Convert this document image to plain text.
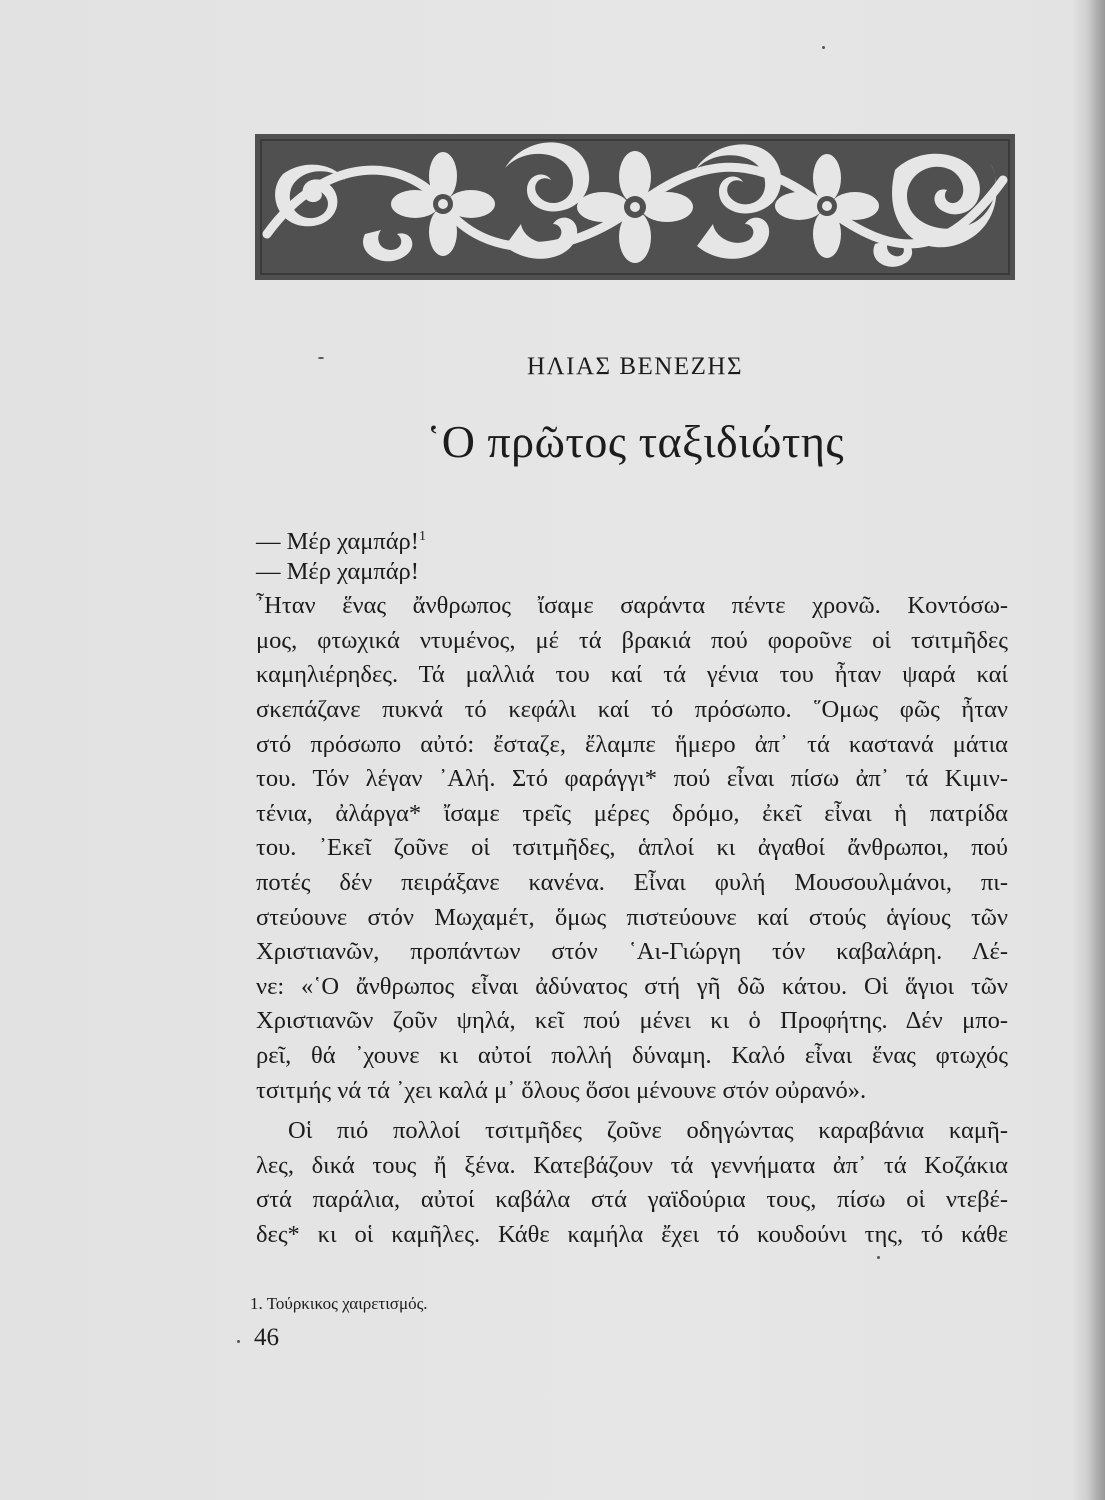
ΗΛΙΑΣ ΒΕΝΕΖΗΣ
῾Ο πρῶτος ταξιδιώτης
— Μέρ χαμπάρ!$^1$
— Μέρ χαμπάρ!
῏Ηταν ἕνας ἄνθρωπος ἴσαμε σαράντα πέντε χρονῶ. Κοντόσω-
μος, φτωχικά ντυμένος, μέ τά βρακιά πού φοροῦνε οἱ τσιτμῆδες
καμηλιέρηδες. Τά μαλλιά του καί τά γένια του ἦταν ψαρά καί
σκεπάζανε πυκνά τό κεφάλι καί τό πρόσωπο. ῞Ομως φῶς ἦταν
στό πρόσωπο αὐτό: ἔσταζε, ἔλαμπε ἥμερο ἀπ᾿ τά καστανά μάτια
του. Τόν λέγαν ᾿Αλή. Στό φαράγγι* πού εἶναι πίσω ἀπ᾿ τά Κιμιν-
τένια, ἀλάργα* ἴσαμε τρεῖς μέρες δρόμο, ἐκεῖ εἶναι ἡ πατρίδα
του. ᾿Εκεῖ ζοῦνε οἱ τσιτμῆδες, ἁπλοί κι ἀγαθοί ἄνθρωποι, πού
ποτές δέν πειράξανε κανένα. Εἶναι φυλή Μουσουλμάνοι, πι-
στεύουνε στόν Μωχαμέτ, ὅμως πιστεύουνε καί στούς ἁγίους τῶν
Χριστιανῶν, προπάντων στόν ῾Αι-Γιώργη τόν καβαλάρη. Λέ-
νε: «῾Ο ἄνθρωπος εἶναι ἀδύνατος στή γῆ δῶ κάτου. Οἱ ἅγιοι τῶν
Χριστιανῶν ζοῦν ψηλά, κεῖ πού μένει κι ὁ Προφήτης. Δέν μπο-
ρεῖ, θά ᾿χουνε κι αὐτοί πολλή δύναμη. Καλό εἶναι ἕνας φτωχός
τσιτμής νά τά ᾿χει καλά μ᾿ ὅλους ὅσοι μένουνε στόν οὐρανό».
Οἱ πιό πολλοί τσιτμῆδες ζοῦνε οδηγώντας καραβάνια καμῆ-
λες, δικά τους ἤ ξένα. Κατεβάζουν τά γεννήματα ἀπ᾿ τά Κοζάκια
στά παράλια, αὐτοί καβάλα στά γαϊδούρια τους, πίσω οἱ ντεβέ-
δες* κι οἱ καμῆλες. Κάθε καμήλα ἔχει τό κουδούνι της, τό κάθε
1. Τούρκικος χαιρετισμός.
46
